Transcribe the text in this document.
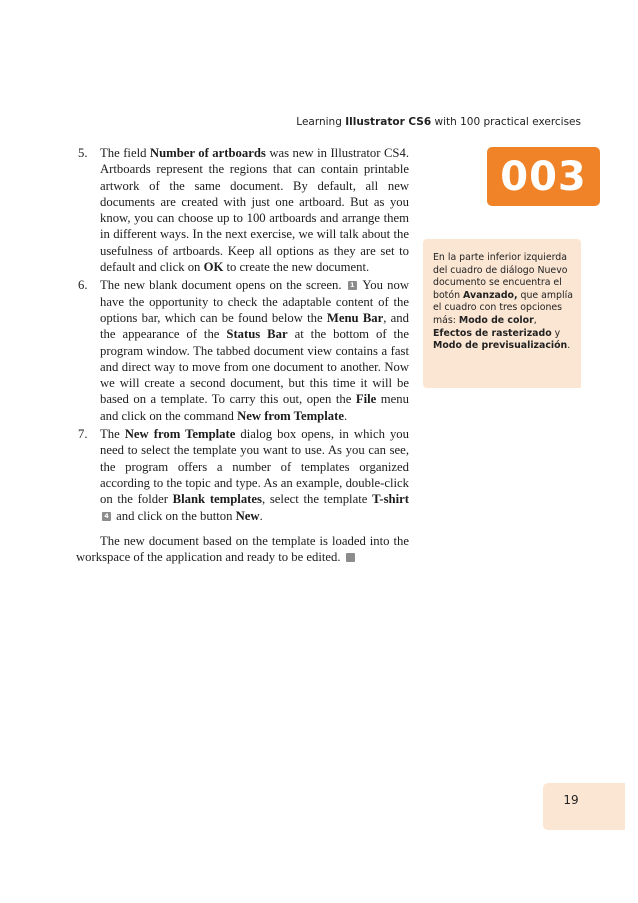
Learning Illustrator CS6 with 100 practical exercises
003
En la parte inferior izquierda del cuadro de diálogo Nuevo documento se encuentra el botón Avanzado, que amplía el cuadro con tres opciones más: Modo de color, Efectos de rasterizado y Modo de previsualización.
5. The field Number of artboards was new in Illustrator CS4. Artboards represent the regions that can contain printable artwork of the same document. By default, all new documents are created with just one artboard. But as you know, you can choose up to 100 artboards and arrange them in different ways. In the next exercise, we will talk about the usefulness of artboards. Keep all options as they are set to default and click on OK to create the new document.
6. The new blank document opens on the screen. 1 You now have the opportunity to check the adaptable content of the options bar, which can be found below the Menu Bar, and the appearance of the Status Bar at the bottom of the program window. The tabbed document view contains a fast and direct way to move from one document to another. Now we will create a second document, but this time it will be based on a template. To carry this out, open the File menu and click on the command New from Template.
7. The New from Template dialog box opens, in which you need to select the template you want to use. As you can see, the program offers a number of templates organized according to the topic and type. As an example, double-click on the folder Blank templates, select the template T-shirt4 and click on the button New.

The new document based on the template is loaded into the workspace of the application and ready to be edited.	5

19
